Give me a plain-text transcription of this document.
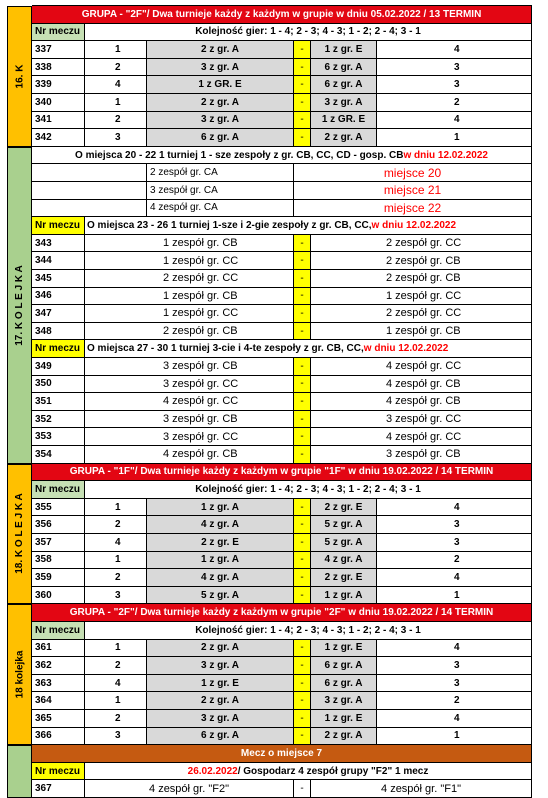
GRUPA - "2F"/ Dwa turnieje każdy z każdym w grupie w dniu 05.02.2022 / 13 TERMIN
Nr meczu	Kolejność gier: 1 - 4; 2 - 3; 4 - 3; 1 - 2; 2 - 4; 3 - 1
337	1	2 z gr. A	-	1 z gr. E	4
338	2	3 z gr. A	-	6 z gr. A	3
339	4	1 z GR. E	-	6 z gr. A	3
340	1	2 z gr. A	-	3 z gr. A	2
341	2	3 z gr. A	-	1 z GR. E	4
342	3	6 z gr. A	-	2 z gr. A	1
O miejsca 20 - 22 1 turniej 1 - sze zespoły z gr. CB, CC, CD - gosp. CB w dniu 12.02.2022
2 zespół gr. CA	miejsce 20
3 zespół gr. CA	miejsce 21
4 zespół gr. CA	miejsce 22
Nr meczu O miejsca 23 - 26 1 turniej 1-sze i 2-gie zespoły z gr. CB, CC, w dniu 12.02.2022
343	1 zespół gr. CB	-	2 zespół gr. CC
344	1 zespół gr. CC	-	2 zespół gr. CB
345	2 zespół gr. CC	-	2 zespół gr. CB
346	1 zespół gr. CB	-	1 zespół gr. CC
347	1 zespół gr. CC	-	2 zespół gr. CC
348	2 zespół gr. CB	-	1 zespół gr. CB
Nr meczu O miejsca 27 - 30 1 turniej 3-cie i 4-te zespoły z gr. CB, CC, w dniu 12.02.2022
349	3 zespół gr. CB	-	4 zespół gr. CC
350	3 zespół gr. CC	-	4 zespół gr. CB
351	4 zespół gr. CC	-	4 zespół gr. CB
352	3 zespół gr. CB	-	3 zespół gr. CC
353	3 zespół gr. CC	-	4 zespół gr. CC
354	4 zespół gr. CB	-	3 zespół gr. CB
GRUPA - "1F"/ Dwa turnieje każdy z każdym w grupie "1F" w dniu 19.02.2022 / 14 TERMIN
Nr meczu	Kolejność gier: 1 - 4; 2 - 3; 4 - 3; 1 - 2; 2 - 4; 3 - 1
355	1	1 z gr. A	-	2 z gr. E	4
356	2	4 z gr. A	-	5 z gr. A	3
357	4	2 z gr. E	-	5 z gr. A	3
358	1	1 z gr. A	-	4 z gr. A	2
359	2	4 z gr. A	-	2 z gr. E	4
360	3	5 z gr. A	-	1 z gr. A	1
GRUPA - "2F"/ Dwa turnieje każdy z każdym w grupie "2F" w dniu 19.02.2022 / 14 TERMIN
Nr meczu	Kolejność gier: 1 - 4; 2 - 3; 4 - 3; 1 - 2; 2 - 4; 3 - 1
361	1	2 z gr. A	-	1 z gr. E	4
362	2	3 z gr. A	-	6 z gr. A	3
363	4	1 z gr. E	-	6 z gr. A	3
364	1	2 z gr. A	-	3 z gr. A	2
365	2	3 z gr. A	-	1 z gr. E	4
366	3	6 z gr. A	-	2 z gr. A	1
Mecz o miejsce 7
Nr meczu	26.02.2022 / Gospodarz 4 zespół grupy "F2" 1 mecz
367	4 zespół gr. "F2"	-	4 zespół gr. "F1"
16. K
17. K O L E J K A
18. K O L E J K A
18 kolejka
